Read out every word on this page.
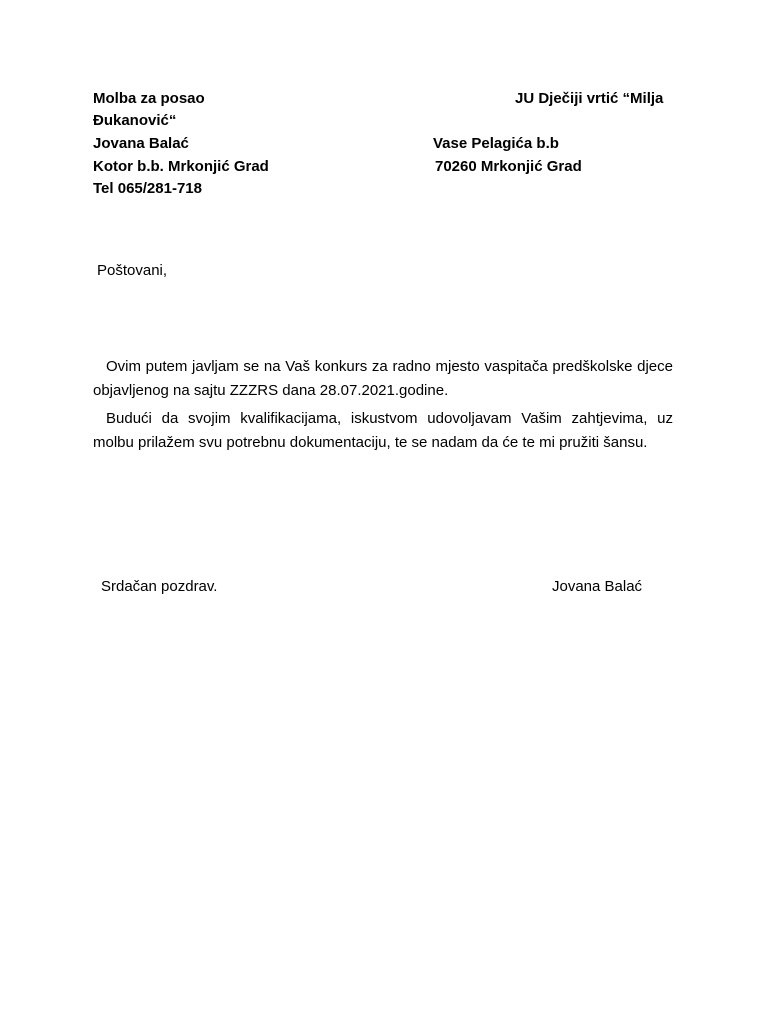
Molba za posao	JU Dječiji vrtić “Milja
Đukanović“
Jovana Balać	Vase Pelagića b.b
Kotor b.b. Mrkonjić Grad	70260 Mrkonjić Grad
Tel 065/281-718
Poštovani,
Ovim putem javljam se na Vaš konkurs za radno mjesto vaspitača predškolske djece objavljenog na sajtu ZZZRS dana 28.07.2021.godine.
Budući da svojim kvalifikacijama, iskustvom udovoljavam Vašim zahtjevima, uz molbu prilažem svu potrebnu dokumentaciju, te se nadam da će te mi pružiti šansu.
Srdačan pozdrav.	Jovana Balać
